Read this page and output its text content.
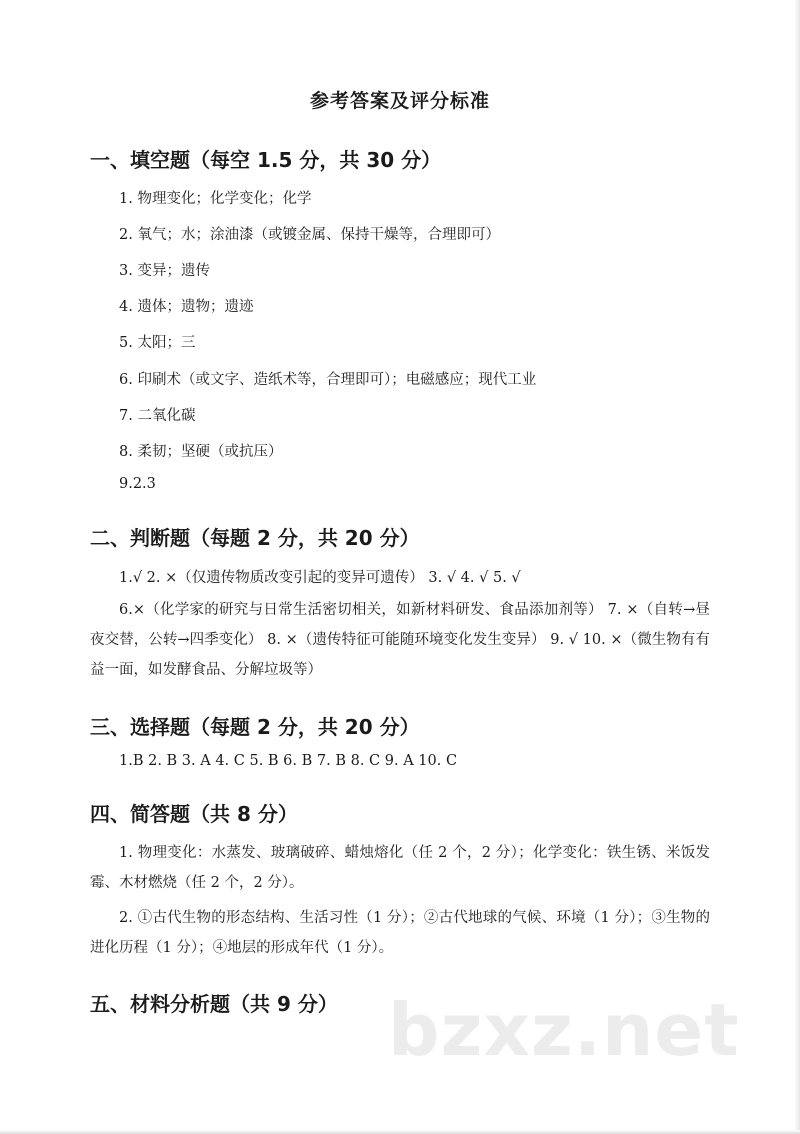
参考答案及评分标准
一、填空题（每空 1.5 分，共 30 分）
1. 物理变化；化学变化；化学
2. 氧气；水；涂油漆（或镀金属、保持干燥等，合理即可）
3. 变异；遗传
4. 遗体；遗物；遗迹
5. 太阳；三
6. 印刷术（或文字、造纸术等，合理即可）；电磁感应；现代工业
7. 二氧化碳
8. 柔韧；坚硬（或抗压）
9.2.3
二、判断题（每题 2 分，共 20 分）
1.√ 2. ×（仅遗传物质改变引起的变异可遗传） 3. √ 4. √ 5. √
6.×（化学家的研究与日常生活密切相关，如新材料研发、食品添加剂等） 7. ×（自转→昼夜交替，公转→四季变化） 8. ×（遗传特征可能随环境变化发生变异） 9. √ 10. ×（微生物有有益一面，如发酵食品、分解垃圾等）
三、选择题（每题 2 分，共 20 分）
1.B 2. B 3. A 4. C 5. B 6. B 7. B 8. C 9. A 10. C
四、简答题（共 8 分）
1. 物理变化：水蒸发、玻璃破碎、蜡烛熔化（任 2 个，2 分）；化学变化：铁生锈、米饭发霉、木材燃烧（任 2 个，2 分）。
2. ①古代生物的形态结构、生活习性（1 分）；②古代地球的气候、环境（1 分）；③生物的进化历程（1 分）；④地层的形成年代（1 分）。
五、材料分析题（共 9 分） bzxz.net
